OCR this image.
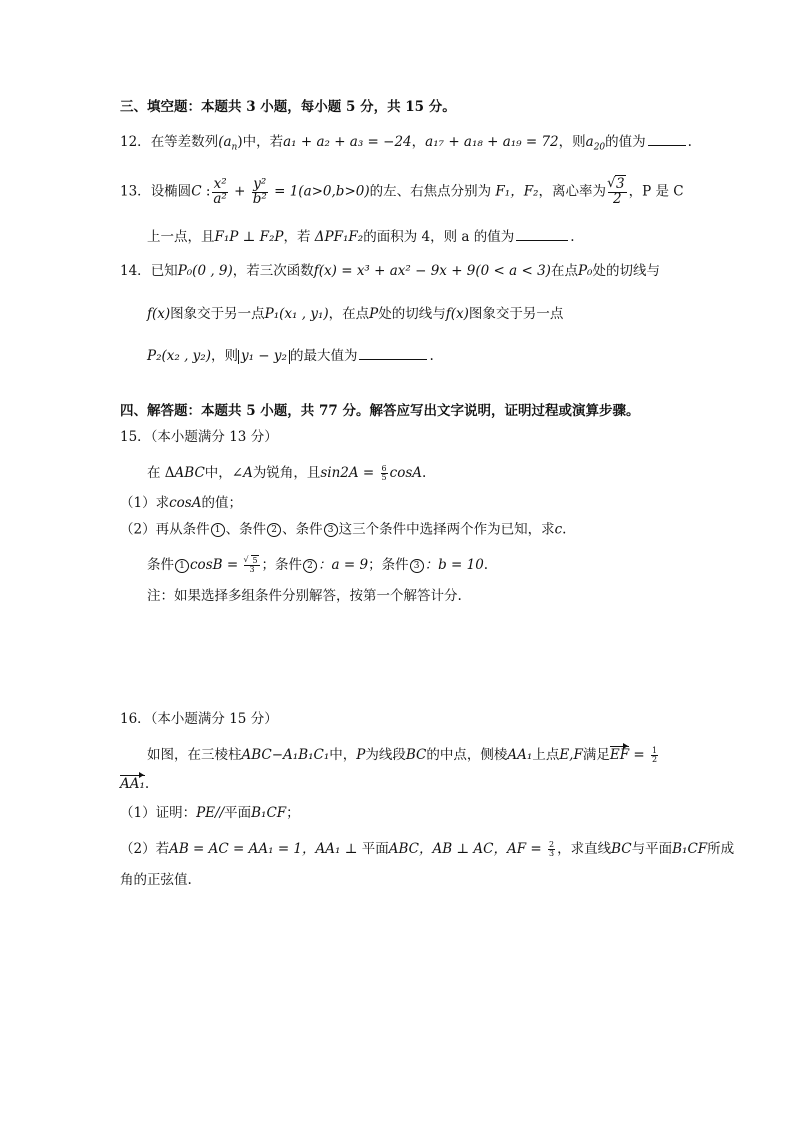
三、填空题：本题共 3 小题，每小题 5 分，共 15 分。
12．在等差数列$(a_n)$中，若a₁ + a₂ + a₃ = −24，a₁₇ + a₁₈ + a₁₉ = 72，则$a_{20}$的值为	.
13．设椭圆C : $\frac{\text{x²}}{\text{a²}} + \frac{\text{y²}}{\text{b²}} = 1(a>0,b>0)$的左、右焦点分别为 F₁，F₂，离心率为 √ $\frac{3}{2}$ ，P 是 C
上一点，且F₁P ⊥ F₂P，若 ΔPF₁F₂的面积为 4，则 a 的值为	.
14．已知P₀(0 , 9)，若三次函数f(x) = x³ + ax² − 9x + 9(0 < a < 3)在点P₀处的切线与
f(x)图象交于另一点P₁(x₁ , y₁)，在点P处的切线与f(x)图象交于另一点
P₂(x₂ , y₂)，则 y₁ − y₂ 的最大值为	.
四、解答题：本题共 5 小题，共 77 分。解答应写出文字说明，证明过程或演算步骤。
15．（本小题满分 13 分）
在 ΔABC中，∠A为锐角，且$\sin 2A = \frac{6}{5} \cos A$.
（1）求cosA的值；
（2）再从条件 1 、条件 2 、条件 3 这三个条件中选择两个作为已知，求c.
条件 1 cosB = √ $\frac{5}{3}$ ；条件 2 ：a = 9；条件 3 ：b = 10.
注：如果选择多组条件分别解答，按第一个解答计分.
16．（本小题满分 15 分）
如图，在三棱柱ABC−A₁B₁C₁中，P为线段BC的中点，侧棱AA₁上点E,F满足EF = $\frac{1}{2}$
AA₁.
（1）证明：PE//平面B₁CF；
（2）若AB = AC = AA₁ = 1，AA₁ ⊥ 平面ABC，AB ⊥ AC，AF = $\frac{2}{3}$ ，求直线BC与平面B₁CF所成
角的正弦值.
